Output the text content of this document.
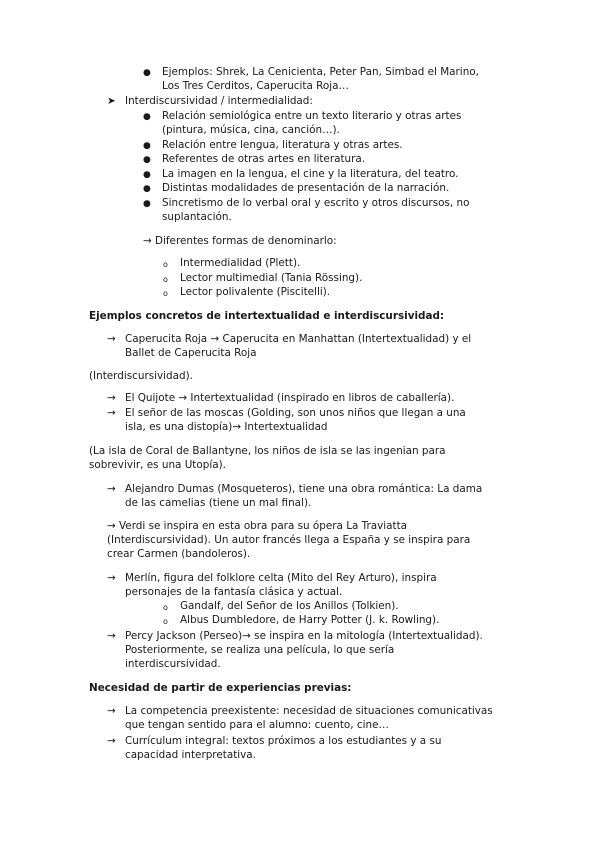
● Ejemplos: Shrek, La Cenicienta, Peter Pan, Simbad el Marino,
Los Tres Cerditos, Caperucita Roja…
➤ Interdiscursividad / intermedialidad:
● Relación semiológica entre un texto literario y otras artes
(pintura, música, cina, canción…).
● Relación entre lengua, literatura y otras artes.
● Referentes de otras artes en literatura.
● La imagen en la lengua, el cine y la literatura, del teatro.
● Distintas modalidades de presentación de la narración.
● Sincretismo de lo verbal oral y escrito y otros discursos, no
suplantación.
→ Diferentes formas de denominarlo:
o Intermedialidad (Plett).
o Lector multimedial (Tania Rössing).
o Lector polivalente (Piscitelli).
Ejemplos concretos de intertextualidad e interdiscursividad:
→ Caperucita Roja → Caperucita en Manhattan (Intertextualidad) y el
Ballet de Caperucita Roja
(Interdiscursividad).
→ El Quijote → Intertextualidad (inspirado en libros de caballería).
→ El señor de las moscas (Golding, son unos niños que llegan a una
isla, es una distopía)→ Intertextualidad
(La isla de Coral de Ballantyne, los niños de isla se las ingenian para
sobrevivir, es una Utopía).
→ Alejandro Dumas (Mosqueteros), tiene una obra romántica: La dama
de las camelias (tiene un mal final).
→ Verdi se inspira en esta obra para su ópera La Traviatta
(Interdiscursividad). Un autor francés llega a España y se inspira para
crear Carmen (bandoleros).
→ Merlín, figura del folklore celta (Mito del Rey Arturo), inspira
personajes de la fantasía clásica y actual.
o Gandalf, del Señor de los Anillos (Tolkien).
o Albus Dumbledore, de Harry Potter (J. k. Rowling).
→ Percy Jackson (Perseo)→ se inspira en la mitología (Intertextualidad).
Posteriormente, se realiza una película, lo que sería
interdiscursividad.
Necesidad de partir de experiencias previas:
→ La competencia preexistente: necesidad de situaciones comunicativas
que tengan sentido para el alumno: cuento, cine…
→ Currículum integral: textos próximos a los estudiantes y a su
capacidad interpretativa.
